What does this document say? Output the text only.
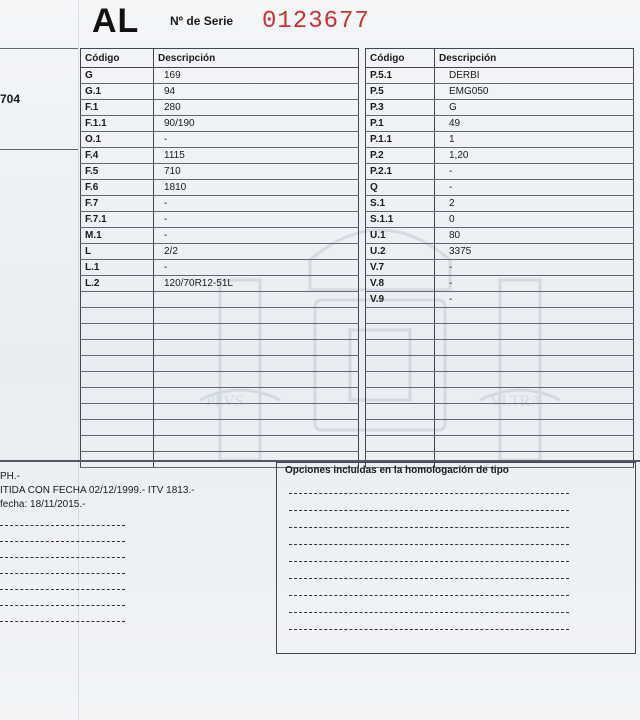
PLVS	VLTRA
AL	Nº de Serie 0123677
704
Código	Descripción
G	169
G.1	94
F.1	280
F.1.1	90/190
O.1	-
F.4	1115
F.5	710
F.6	1810
F.7	-
F.7.1	-
M.1	-
L	2/2
L.1	-
L.2	120/70R12-51L

Código	Descripción
P.5.1	DERBI
P.5	EMG050
P.3	G
P.1	49
P.1.1	1
P.2	1,20
P.2.1	-
Q	-
S.1	2
S.1.1	0
U.1	80
U.2	3375
V.7	-
V.8	-
V.9	-

PH.-
ITIDA CON FECHA 02/12/1999.- ITV 1813.-
fecha: 18/11/2015.-
Opciones incluidas en la homologación de tipo
